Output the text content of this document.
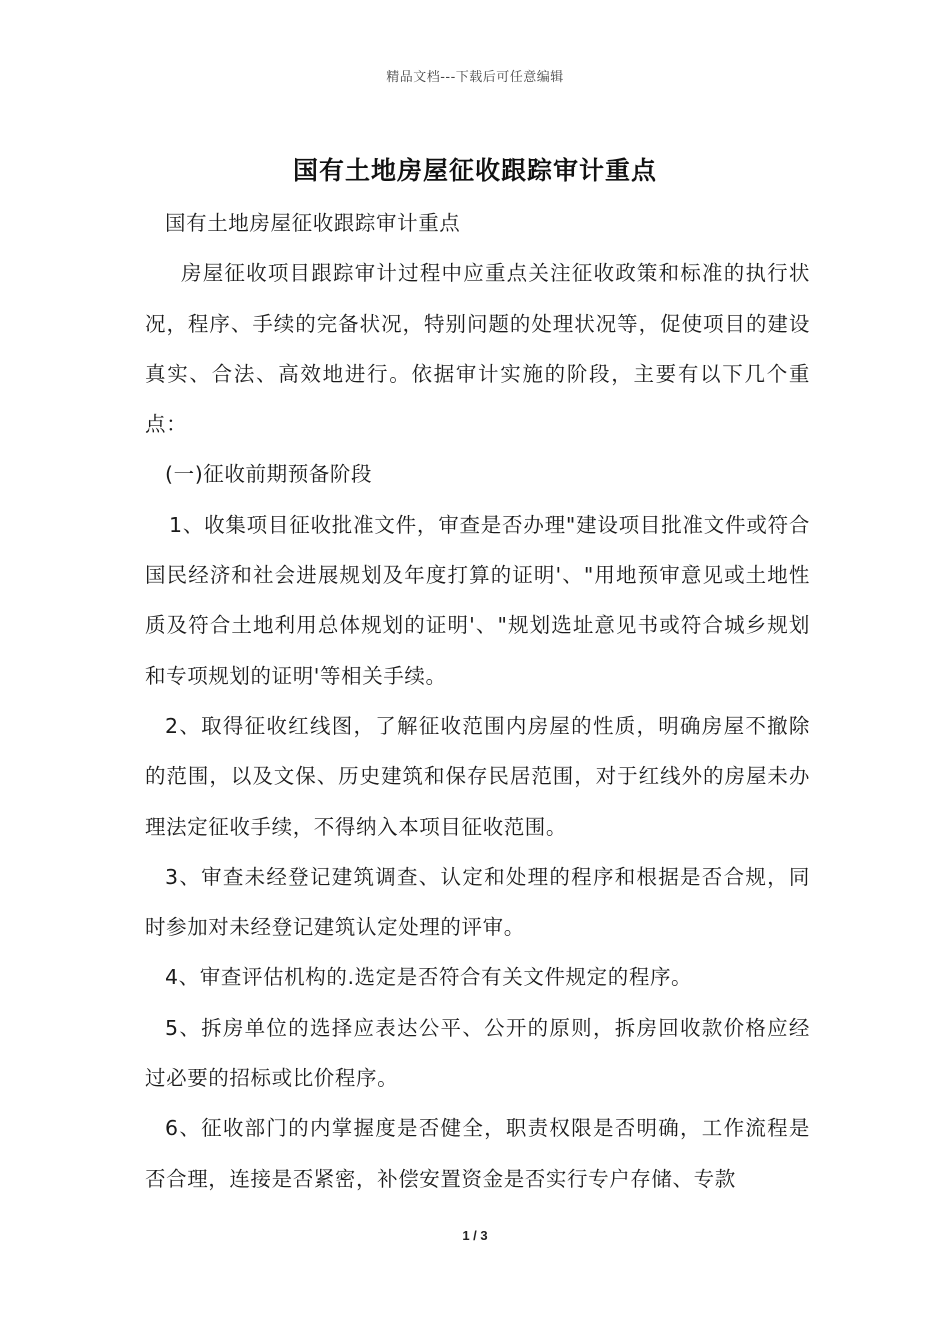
精品文档---下载后可任意编辑
国有土地房屋征收跟踪审计重点

国有土地房屋征收跟踪审计重点

房屋征收项目跟踪审计过程中应重点关注征收政策和标准的执行状况，程序、手续的完备状况，特别问题的处理状况等，促使项目的建设真实、合法、高效地进行。依据审计实施的阶段，主要有以下几个重点：

(一)征收前期预备阶段

1、收集项目征收批准文件，审查是否办理"建设项目批准文件或符合国民经济和社会进展规划及年度打算的证明'、"用地预审意见或土地性质及符合土地利用总体规划的证明'、"规划选址意见书或符合城乡规划和专项规划的证明'等相关手续。

2、取得征收红线图，了解征收范围内房屋的性质，明确房屋不撤除的范围，以及文保、历史建筑和保存民居范围，对于红线外的房屋未办理法定征收手续，不得纳入本项目征收范围。

3、审查未经登记建筑调查、认定和处理的程序和根据是否合规，同时参加对未经登记建筑认定处理的评审。

4、审查评估机构的.选定是否符合有关文件规定的程序。

5、拆房单位的选择应表达公平、公开的原则，拆房回收款价格应经过必要的招标或比价程序。

6、征收部门的内掌握度是否健全，职责权限是否明确，工作流程是否合理，连接是否紧密，补偿安置资金是否实行专户存储、专款

1 / 3
